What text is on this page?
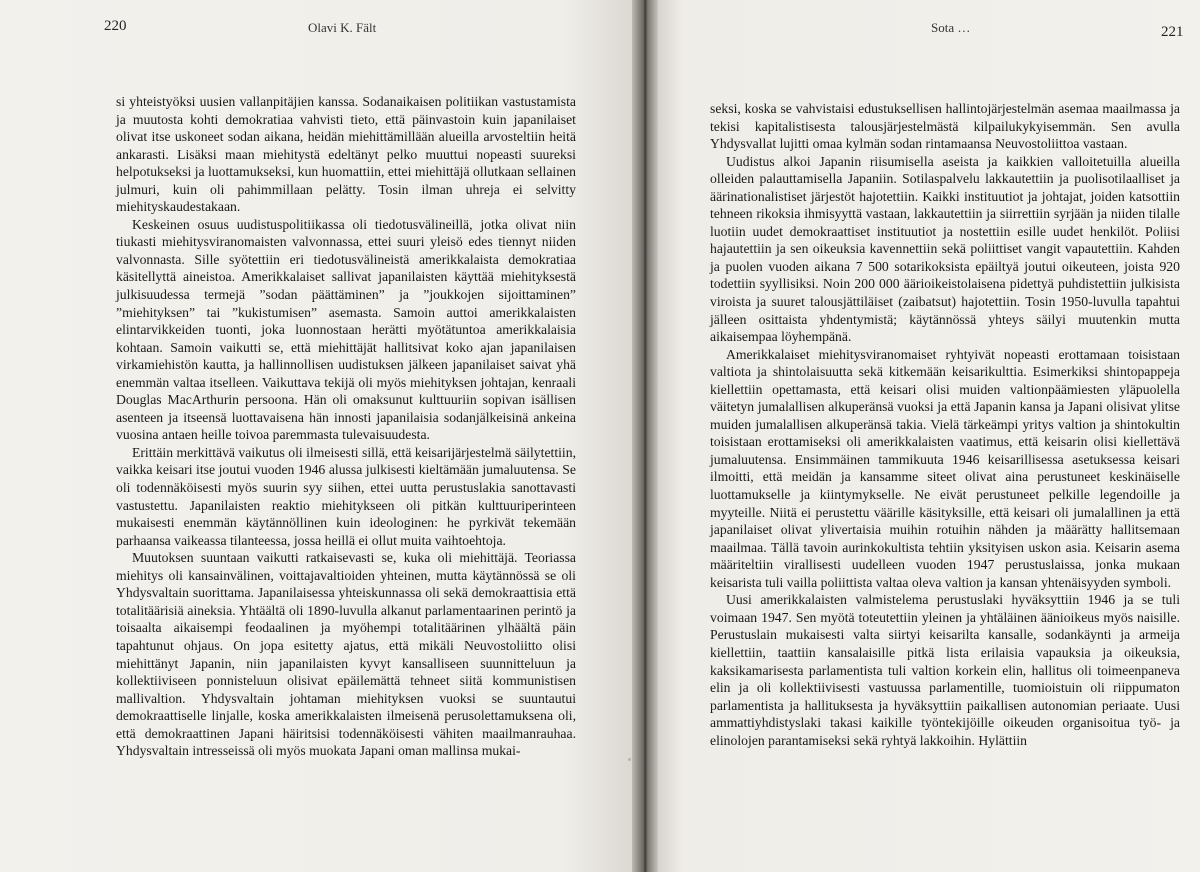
220	Olavi K. Fält

si yhteistyöksi uusien vallanpitäjien kanssa. Sodanaikaisen politiikan vastustamista ja muutosta kohti demokratiaa vahvisti tieto, että päinvastoin kuin japanilaiset olivat itse uskoneet sodan aikana, heidän miehittämillään alueilla arvosteltiin heitä ankarasti. Lisäksi maan miehitystä edeltänyt pelko muuttui nopeasti suureksi helpotukseksi ja luottamukseksi, kun huomattiin, ettei miehittäjä ollutkaan sellainen julmuri, kuin oli pahimmillaan pelätty. Tosin ilman uhreja ei selvitty miehityskaudestakaan.

Keskeinen osuus uudistuspolitiikassa oli tiedotusvälineillä, jotka olivat niin tiukasti miehitysviranomaisten valvonnassa, ettei suuri yleisö edes tiennyt niiden valvonnasta. Sille syötettiin eri tiedotusvälineistä amerikkalaista demokratiaa käsitellyttä aineistoa. Amerikkalaiset sallivat japanilaisten käyttää miehityksestä julkisuudessa termejä ”sodan päättäminen” ja ”joukkojen sijoittaminen” ”miehityksen” tai ”kukistumisen” asemasta. Samoin auttoi amerikkalaisten elintarvikkeiden tuonti, joka luonnostaan herätti myötätuntoa amerikkalaisia kohtaan. Samoin vaikutti se, että miehittäjät hallitsivat koko ajan japanilaisen virkamiehistön kautta, ja hallinnollisen uudistuksen jälkeen japanilaiset saivat yhä enemmän valtaa itselleen. Vaikuttava tekijä oli myös miehityksen johtajan, kenraali Douglas MacArthurin persoona. Hän oli omaksunut kulttuuriin sopivan isällisen asenteen ja itseensä luottavaisena hän innosti japanilaisia sodanjälkeisinä ankeina vuosina antaen heille toivoa paremmasta tulevaisuudesta.

Erittäin merkittävä vaikutus oli ilmeisesti sillä, että keisarijärjestelmä säilytettiin, vaikka keisari itse joutui vuoden 1946 alussa julkisesti kieltämään jumaluutensa. Se oli todennäköisesti myös suurin syy siihen, ettei uutta perustuslakia sanottavasti vastustettu. Japanilaisten reaktio miehitykseen oli pitkän kulttuuriperinteen mukaisesti enemmän käytännöllinen kuin ideologinen: he pyrkivät tekemään parhaansa vaikeassa tilanteessa, jossa heillä ei ollut muita vaihtoehtoja.

Muutoksen suuntaan vaikutti ratkaisevasti se, kuka oli miehittäjä. Teoriassa miehitys oli kansainvälinen, voittajavaltioiden yhteinen, mutta käytännössä se oli Yhdysvaltain suorittama. Japanilaisessa yhteiskunnassa oli sekä demokraattisia että totalitäärisiä aineksia. Yhtäältä oli 1890-luvulla alkanut parlamentaarinen perintö ja toisaalta aikaisempi feodaalinen ja myöhempi totalitäärinen ylhäältä päin tapahtunut ohjaus. On jopa esitetty ajatus, että mikäli Neuvostoliitto olisi miehittänyt Japanin, niin japanilaisten kyvyt kansalliseen suunnitteluun ja kollektiiviseen ponnisteluun olisivat epäilemättä tehneet siitä kommunistisen mallivaltion. Yhdysvaltain johtaman miehityksen vuoksi se suuntautui demokraattiselle linjalle, koska amerikkalaisten ilmeisenä perusolettamuksena oli, että demokraattinen Japani häiritsisi todennäköisesti vähiten maailmanrauhaa. Yhdysvaltain intresseissä oli myös muokata Japani oman mallinsa mukai-

Sota …	221

seksi, koska se vahvistaisi edustuksellisen hallintojärjestelmän asemaa maailmassa ja tekisi kapitalistisesta talousjärjestelmästä kilpailukykyisemmän. Sen avulla Yhdysvallat lujitti omaa kylmän sodan rintamaansa Neuvostoliittoa vastaan.

Uudistus alkoi Japanin riisumisella aseista ja kaikkien valloitetuilla alueilla olleiden palauttamisella Japaniin. Sotilaspalvelu lakkautettiin ja puolisotilaalliset ja äärinationalistiset järjestöt hajotettiin. Kaikki instituutiot ja johtajat, joiden katsottiin tehneen rikoksia ihmisyyttä vastaan, lakkautettiin ja siirrettiin syrjään ja niiden tilalle luotiin uudet demokraattiset instituutiot ja nostettiin esille uudet henkilöt. Poliisi hajautettiin ja sen oikeuksia kavennettiin sekä poliittiset vangit vapautettiin. Kahden ja puolen vuoden aikana 7 500 sotarikoksista epäiltyä joutui oikeuteen, joista 920 todettiin syyllisiksi. Noin 200 000 äärioikeistolaisena pidettyä puhdistettiin julkisista viroista ja suuret talousjättiläiset (zaibatsut) hajotettiin. Tosin 1950-luvulla tapahtui jälleen osittaista yhdentymistä; käytännössä yhteys säilyi muutenkin mutta aikaisempaa löyhempänä.

Amerikkalaiset miehitysviranomaiset ryhtyivät nopeasti erottamaan toisistaan valtiota ja shintolaisuutta sekä kitkemään keisarikulttia. Esimerkiksi shintopappeja kiellettiin opettamasta, että keisari olisi muiden valtionpäämiesten yläpuolella väitetyn jumalallisen alkuperänsä vuoksi ja että Japanin kansa ja Japani olisivat ylitse muiden jumalallisen alkuperänsä takia. Vielä tärkeämpi yritys valtion ja shintokultin toisistaan erottamiseksi oli amerikkalaisten vaatimus, että keisarin olisi kiellettävä jumaluutensa. Ensimmäinen tammikuuta 1946 keisarillisessa asetuksessa keisari ilmoitti, että meidän ja kansamme siteet olivat aina perustuneet keskinäiselle luottamukselle ja kiintymykselle. Ne eivät perustuneet pelkille legendoille ja myyteille. Niitä ei perustettu väärille käsityksille, että keisari oli jumalallinen ja että japanilaiset olivat ylivertaisia muihin rotuihin nähden ja määrätty hallitsemaan maailmaa. Tällä tavoin aurinkokultista tehtiin yksityisen uskon asia. Keisarin asema määriteltiin virallisesti uudelleen vuoden 1947 perustuslaissa, jonka mukaan keisarista tuli vailla poliittista valtaa oleva valtion ja kansan yhtenäisyyden symboli.

Uusi amerikkalaisten valmistelema perustuslaki hyväksyttiin 1946 ja se tuli voimaan 1947. Sen myötä toteutettiin yleinen ja yhtäläinen äänioikeus myös naisille. Perustuslain mukaisesti valta siirtyi keisarilta kansalle, sodankäynti ja armeija kiellettiin, taattiin kansalaisille pitkä lista erilaisia vapauksia ja oikeuksia, kaksikamarisesta parlamentista tuli valtion korkein elin, hallitus oli toimeenpaneva elin ja oli kollektiivisesti vastuussa parlamentille, tuomioistuin oli riippumaton parlamentista ja hallituksesta ja hyväksyttiin paikallisen autonomian periaate. Uusi ammattiyhdistyslaki takasi kaikille työntekijöille oikeuden organisoitua työ- ja elinolojen parantamiseksi sekä ryhtyä lakkoihin. Hylättiin
